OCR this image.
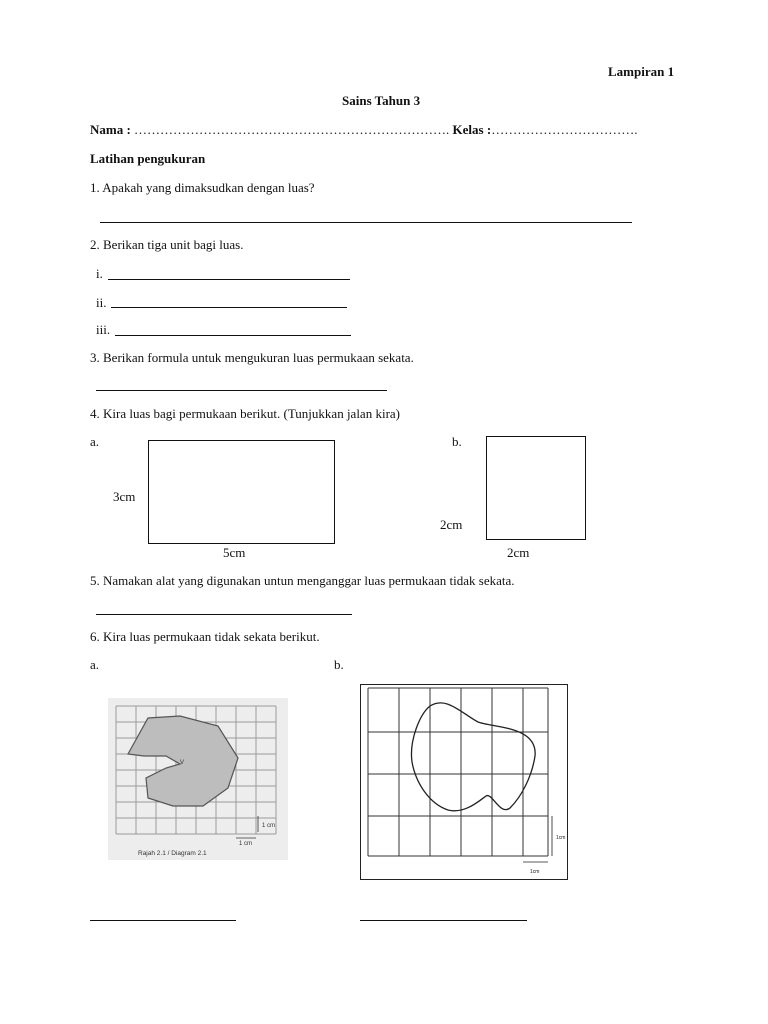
Lampiran 1
Sains Tahun 3
Nama : ………………………………………………………………. Kelas :…………………………….
Latihan pengukuran
1. Apakah yang dimaksudkan dengan luas?
2. Berikan tiga unit bagi luas.
i.
ii.
iii.
3. Berikan formula untuk mengukuran luas permukaan sekata.
4. Kira luas bagi permukaan berikut. (Tunjukkan jalan kira)
a.
3cm
5cm
b.
2cm
2cm
5. Namakan alat yang digunakan untun menganggar luas permukaan tidak sekata.
6. Kira luas permukaan tidak sekata berikut.
a.	b.
V
1 cm
1 cm
Rajah 2.1 / Diagram 2.1
1cm
1cm
